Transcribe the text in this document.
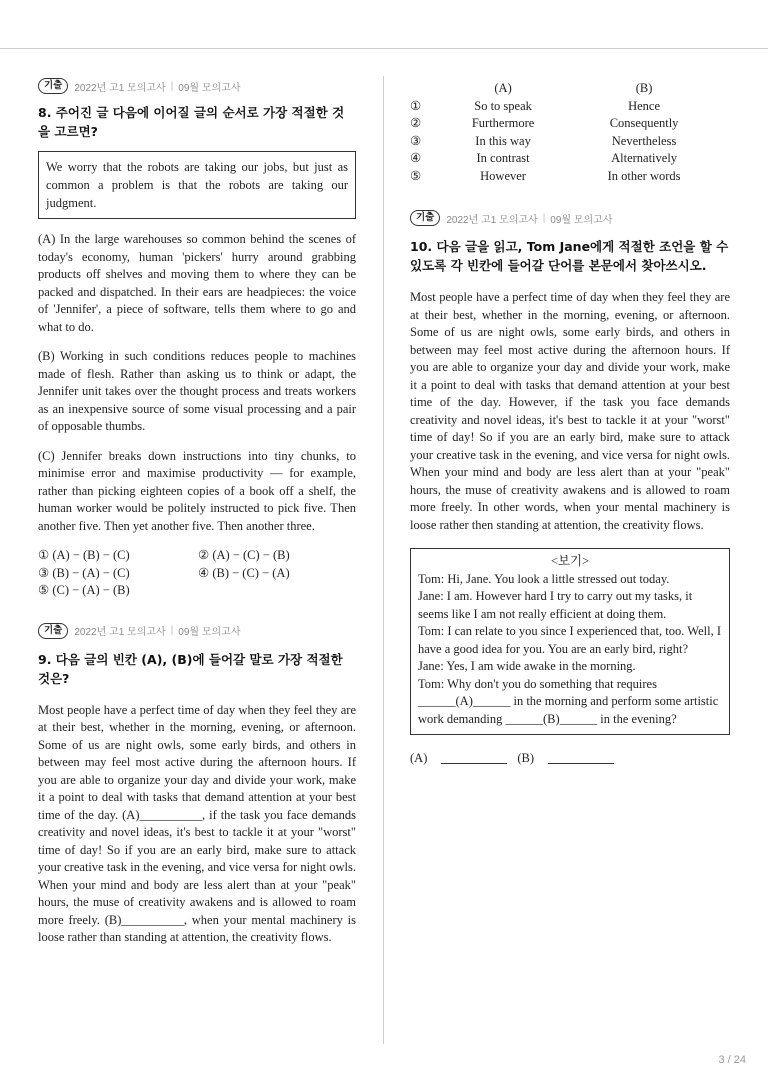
기출	2022년 고1 모의고사 | 09월 모의고사
8. 주어진 글 다음에 이어질 글의 순서로 가장 적절한 것을 고르면?
We worry that the robots are taking our jobs, but just as common a problem is that the robots are taking our judgment.

(A) In the large warehouses so common behind the scenes of today's economy, human 'pickers' hurry around grabbing products off shelves and moving them to where they can be packed and dispatched. In their ears are headpieces: the voice of 'Jennifer', a piece of software, tells them where to go and what to do.

(B) Working in such conditions reduces people to machines made of flesh. Rather than asking us to think or adapt, the Jennifer unit takes over the thought process and treats workers as an inexpensive source of some visual processing and a pair of opposable thumbs.

(C) Jennifer breaks down instructions into tiny chunks, to minimise error and maximise productivity — for example, rather than picking eighteen copies of a book off a shelf, the human worker would be politely instructed to pick five. Then another five. Then yet another five. Then another three.

① (A) − (B) − (C)	② (A) − (C) − (B)
③ (B) − (A) − (C)	④ (B) − (C) − (A)
⑤ (C) − (A) − (B)
기출	2022년 고1 모의고사 | 09월 모의고사
9. 다음 글의 빈칸 (A), (B)에 들어갈 말로 가장 적절한 것은?

Most people have a perfect time of day when they feel they are at their best, whether in the morning, evening, or afternoon. Some of us are night owls, some early birds, and others in between may feel most active during the afternoon hours. If you are able to organize your day and divide your work, make it a point to deal with tasks that demand attention at your best time of the day. (A)__________, if the task you face demands creativity and novel ideas, it's best to tackle it at your "worst" time of day! So if you are an early bird, make sure to attack your creative task in the evening, and vice versa for night owls. When your mind and body are less alert than at your "peak" hours, the muse of creativity awakens and is allowed to roam more freely. (B)__________, when your mental machinery is loose rather than standing at attention, the creativity flows.

	(A)	(B)
①	So to speak	Hence
②	Furthermore	Consequently
③	In this way	Nevertheless
④	In contrast	Alternatively
⑤	However	In other words
기출	2022년 고1 모의고사 | 09월 모의고사
10. 다음 글을 읽고, Tom Jane에게 적절한 조언을 할 수 있도록 각 빈칸에 들어갈 단어를 본문에서 찾아쓰시오.

Most people have a perfect time of day when they feel they are at their best, whether in the morning, evening, or afternoon. Some of us are night owls, some early birds, and others in between may feel most active during the afternoon hours. If you are able to organize your day and divide your work, make it a point to deal with tasks that demand attention at your best time of the day. However, if the task you face demands creativity and novel ideas, it's best to tackle it at your "worst" time of day! So if you are an early bird, make sure to attack your creative task in the evening, and vice versa for night owls. When your mind and body are less alert than at your "peak" hours, the muse of creativity awakens and is allowed to roam more freely. In other words, when your mental machinery is loose rather then standing at attention, the creativity flows.

<보기>
Tom: Hi, Jane. You look a little stressed out today.
Jane: I am. However hard I try to carry out my tasks, it seems like I am not really efficient at doing them.
Tom: I can relate to you since I experienced that, too. Well, I have a good idea for you. You are an early bird, right?
Jane: Yes, I am wide awake in the morning.
Tom: Why don't you do something that requires ______(A)______ in the morning and perform some artistic work demanding ______(B)______ in the evening?
(A)	(B)
3 / 24
